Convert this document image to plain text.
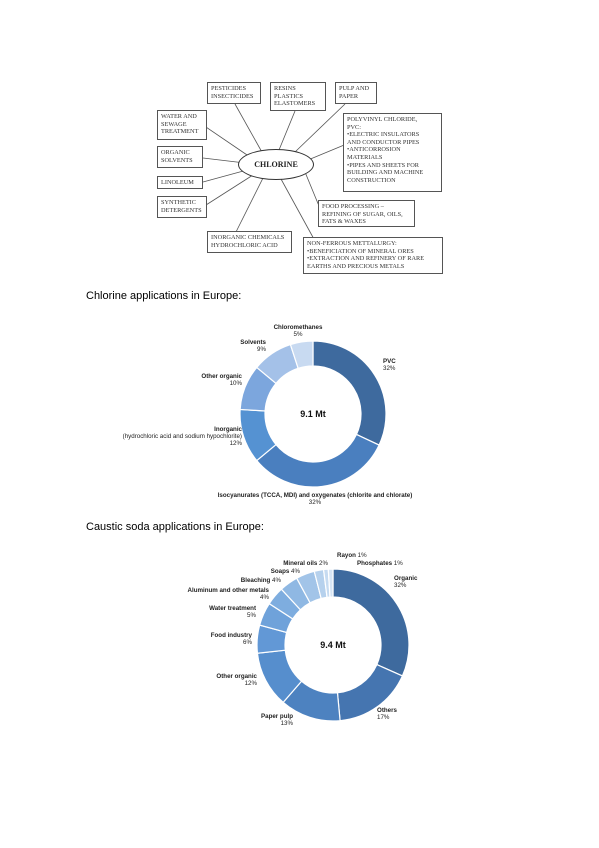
CHLORINE
PESTICIDES
INSECTICIDES
RESINS
PLASTICS
ELASTOMERS
PULP AND
PAPER
WATER AND
SEWAGE
TREATMENT
POLYVINYL CHLORIDE,
PVC:
•ELECTRIC INSULATORS
AND CONDUCTOR PIPES
•ANTICORROSION
MATERIALS
•PIPES AND SHEETS FOR
BUILDING AND MACHINE
CONSTRUCTION
ORGANIC
SOLVENTS
LINOLEUM
SYNTHETIC
DETERGENTS
FOOD PROCESSING –
REFINING OF SUGAR, OILS,
FATS & WAXES
INORGANIC CHEMICALS
HYDROCHLORIC ACID	NON-FERROUS METTALURGY:
•BENEFICIATION OF MINERAL ORES
•EXTRACTION AND REFINERY OF RARE
EARTHS AND PRECIOUS METALS
Chlorine applications in Europe:
PVC 32%
Isocyanurates (TCCA, MDI) and oxygenates (chlorite and chlorate) 32%
Inorganic (hydrochloric acid and sodium hypochlorite) 12%
Other organic 10%
Solvents 9%
Chloromethanes 5%
9.1 Mt
Caustic soda applications in Europe:
Organic 32%
Others 17%
Paper pulp 13%
Other organic 12%
Food industry 6%
Water treatment 5%
Aluminum and other metals 4%
Bleaching 4%
Soaps 4%
Mineral oils 2%
Rayon 1%
Phosphates 1%
9.4 Mt
